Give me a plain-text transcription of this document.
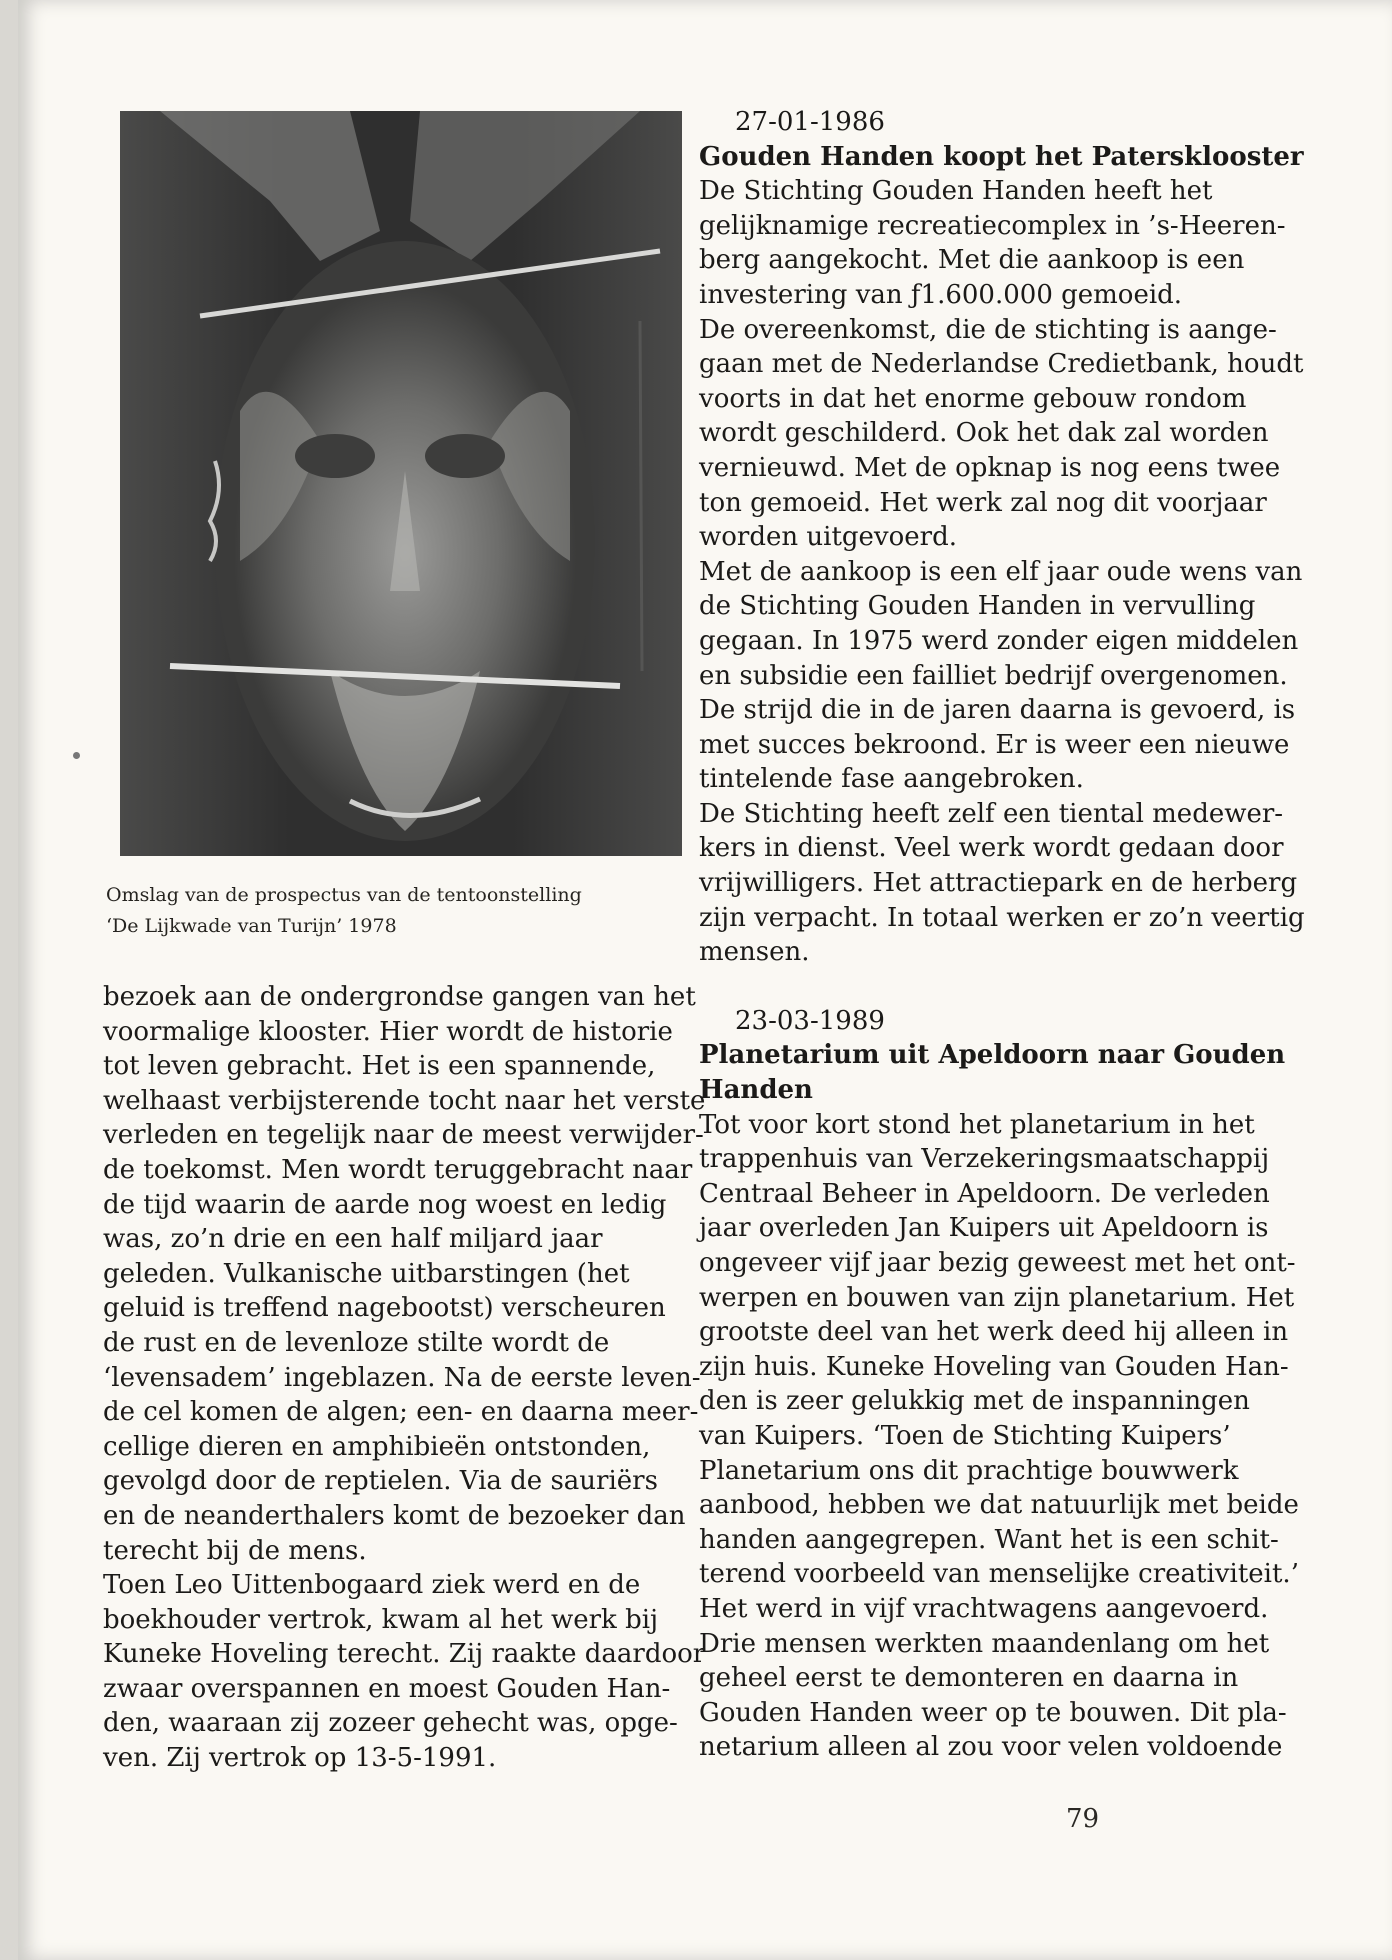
Omslag van de prospectus van de tentoonstelling
‘De Lijkwade van Turijn’ 1978
bezoek aan de ondergrondse gangen van het
voormalige klooster. Hier wordt de historie
tot leven gebracht. Het is een spannende,
welhaast verbijsterende tocht naar het verste
verleden en tegelijk naar de meest verwijder-
de toekomst. Men wordt teruggebracht naar
de tijd waarin de aarde nog woest en ledig
was, zo’n drie en een half miljard jaar
geleden. Vulkanische uitbarstingen (het
geluid is treffend nagebootst) verscheuren
de rust en de levenloze stilte wordt de
‘levensadem’ ingeblazen. Na de eerste leven-
de cel komen de algen; een- en daarna meer-
cellige dieren en amphibieën ontstonden,
gevolgd door de reptielen. Via de sauriërs
en de neanderthalers komt de bezoeker dan
terecht bij de mens.
Toen Leo Uittenbogaard ziek werd en de
boekhouder vertrok, kwam al het werk bij
Kuneke Hoveling terecht. Zij raakte daardoor
zwaar overspannen en moest Gouden Han-
den, waaraan zij zozeer gehecht was, opge-
ven. Zij vertrok op 13-5-1991.
27-01-1986
Gouden Handen koopt het Patersklooster
De Stichting Gouden Handen heeft het
gelijknamige recreatiecomplex in ’s-Heeren-
berg aangekocht. Met die aankoop is een
investering van ƒ1.600.000 gemoeid.
De overeenkomst, die de stichting is aange-
gaan met de Nederlandse Credietbank, houdt
voorts in dat het enorme gebouw rondom
wordt geschilderd. Ook het dak zal worden
vernieuwd. Met de opknap is nog eens twee
ton gemoeid. Het werk zal nog dit voorjaar
worden uitgevoerd.
Met de aankoop is een elf jaar oude wens van
de Stichting Gouden Handen in vervulling
gegaan. In 1975 werd zonder eigen middelen
en subsidie een failliet bedrijf overgenomen.
De strijd die in de jaren daarna is gevoerd, is
met succes bekroond. Er is weer een nieuwe
tintelende fase aangebroken.
De Stichting heeft zelf een tiental medewer-
kers in dienst. Veel werk wordt gedaan door
vrijwilligers. Het attractiepark en de herberg
zijn verpacht. In totaal werken er zo’n veertig
mensen.
23-03-1989
Planetarium uit Apeldoorn naar Gouden
Handen
Tot voor kort stond het planetarium in het
trappenhuis van Verzekeringsmaatschappij
Centraal Beheer in Apeldoorn. De verleden
jaar overleden Jan Kuipers uit Apeldoorn is
ongeveer vijf jaar bezig geweest met het ont-
werpen en bouwen van zijn planetarium. Het
grootste deel van het werk deed hij alleen in
zijn huis. Kuneke Hoveling van Gouden Han-
den is zeer gelukkig met de inspanningen
van Kuipers. ‘Toen de Stichting Kuipers’
Planetarium ons dit prachtige bouwwerk
aanbood, hebben we dat natuurlijk met beide
handen aangegrepen. Want het is een schit-
terend voorbeeld van menselijke creativiteit.’
Het werd in vijf vrachtwagens aangevoerd.
Drie mensen werkten maandenlang om het
geheel eerst te demonteren en daarna in
Gouden Handen weer op te bouwen. Dit pla-
netarium alleen al zou voor velen voldoende
79
